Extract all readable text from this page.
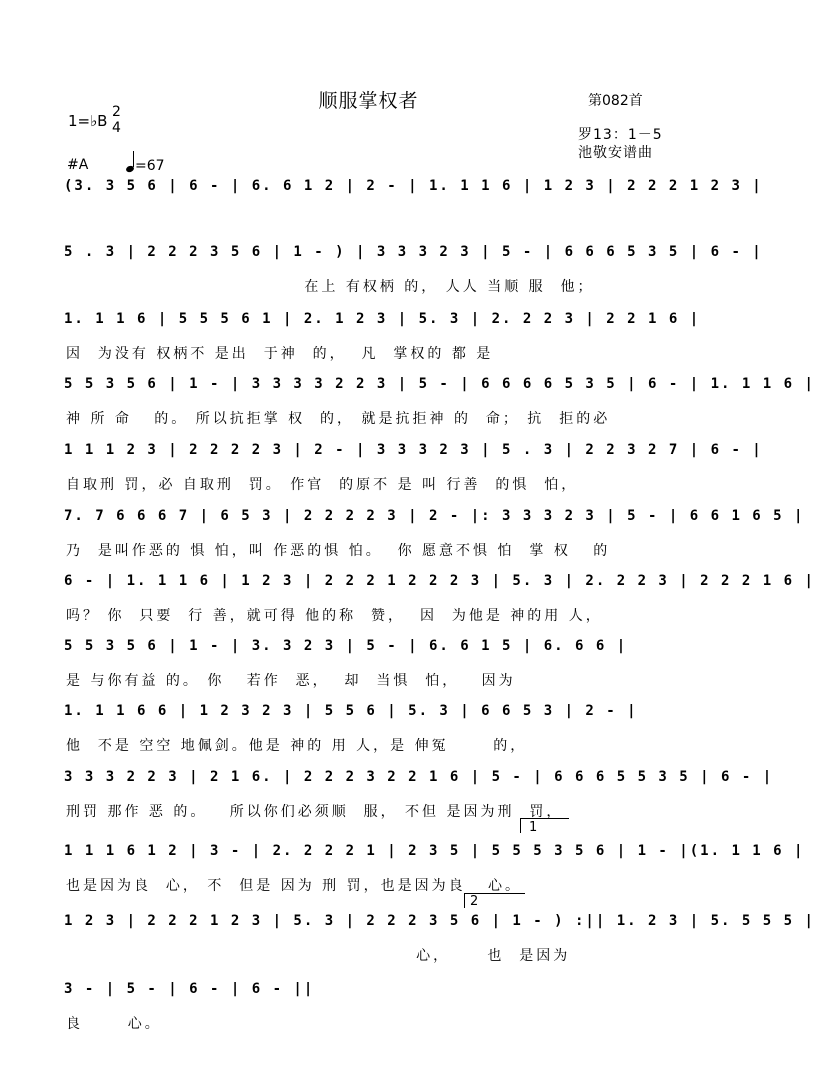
顺服掌权者	第082首
1=♭B 2
4	罗13：1－5
池敬安谱曲
#A	=67
(3. 3 5 6 | 6 - | 6. 6 1 2 | 2 - | 1. 1 1 6 | 1 2 3 | 2 2 2 1 2 3 |
5 . 3 | 2 2 2 3 5 6 | 1 - ) | 3 3 3 2 3 | 5 - | 6 6 6 5 3 5 | 6 - |
在上 有权柄 的， 人人 当顺 服  他；
1. 1 1 6 | 5 5 5 6 1 | 2. 1 2 3 | 5. 3 | 2. 2 2 3 | 2 2 1 6 |
因  为没有 权柄不 是出  于神  的，  凡  掌权的 都 是
5 5 3 5 6 | 1 - | 3 3 3 3 2 2 3 | 5 - | 6 6 6 6 5 3 5 | 6 - | 1. 1 1 6 |
神 所 命   的。 所以抗拒掌 权  的， 就是抗拒神 的  命； 抗  拒的必
1 1 1 2 3 | 2 2 2 2 3 | 2 - | 3 3 3 2 3 | 5 . 3 | 2 2 3 2 7 | 6 - |
自取刑 罚，必 自取刑  罚。 作官  的原不 是 叫 行善  的惧  怕，
7. 7 6 6 6 7 | 6 5 3 | 2 2 2 2 3 | 2 - |: 3 3 3 2 3 | 5 - | 6 6 1 6 5 |
乃  是叫作恶的 惧 怕，叫 作恶的惧 怕。  你 愿意不惧 怕  掌 权   的
6 - | 1. 1 1 6 | 1 2 3 | 2 2 2 1 2 2 2 3 | 5. 3 | 2. 2 2 3 | 2 2 2 1 6 |
吗？ 你  只要  行 善，就可得 他的称  赞，  因  为他是 神的用 人，
5 5 3 5 6 | 1 - | 3. 3 2 3 | 5 - | 6. 6 1 5 | 6. 6 6 |
是 与你有益 的。 你   若作  恶，  却  当惧  怕，   因为
1. 1 1 6 6 | 1 2 3 2 3 | 5 5 6 | 5. 3 | 6 6 5 3 | 2 - |
他  不是 空空 地佩剑。他是 神的 用 人，是 伸冤      的，
3 3 3 2 2 3 | 2 1 6. | 2 2 2 3 2 2 1 6 | 5 - | 6 6 6 5 5 3 5 | 6 - |
刑罚 那作 恶 的。   所以你们必须顺  服， 不但 是因为刑  罚，
1 1 1 6 1 2 | 3 - | 2. 2 2 2 1 | 2 3 5 | 5 5 5 3 5 6 | 1 - |(1. 1 1 6 |
也是因为良  心， 不  但是 因为 刑 罚，也是因为良   心。
1 2 3 | 2 2 2 1 2 3 | 5. 3 | 2 2 2 3 5 6 | 1 - ) :|| 1. 2 3 | 5. 5 5 5 |
心，     也  是因为
3 - | 5 - | 6 - | 6 - ||
良      心。
1
2
